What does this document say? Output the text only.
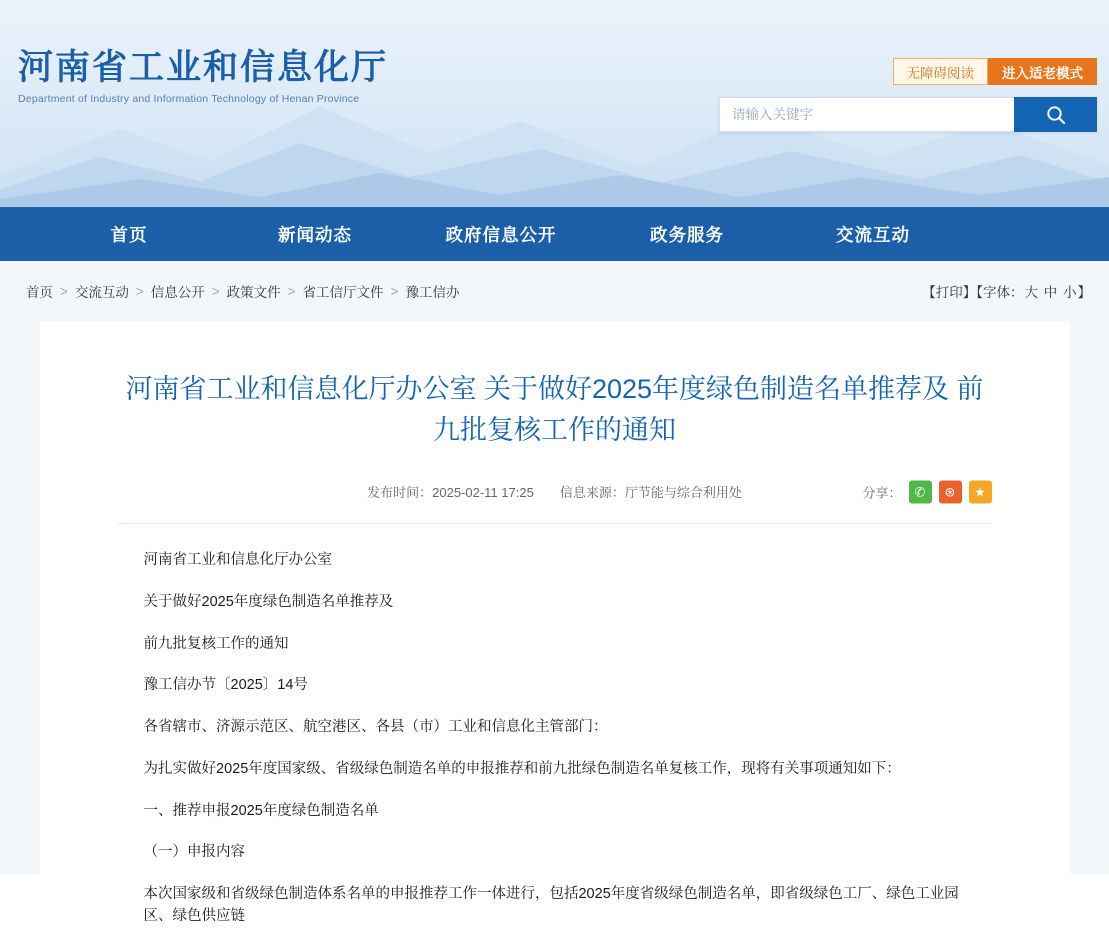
河南省工业和信息化厅
Department of Industry and Information Technology of Henan Province
无障碍阅读	进入适老模式
请输入关键字
首页	新闻动态	政府信息公开	政务服务	交流互动
首页 > 交流互动 > 信息公开 > 政策文件 > 省工信厅文件 > 豫工信办	【打印】【字体：大 中 小】
河南省工业和信息化厅办公室 关于做好2025年度绿色制造名单推荐及 前九批复核工作的通知
发布时间：2025-02-11 17:25 信息来源：厅节能与综合利用处	分享：	✆	⊛	★

河南省工业和信息化厅办公室

关于做好2025年度绿色制造名单推荐及

前九批复核工作的通知

豫工信办节〔2025〕14号

各省辖市、济源示范区、航空港区、各县（市）工业和信息化主管部门：

为扎实做好2025年度国家级、省级绿色制造名单的申报推荐和前九批绿色制造名单复核工作，现将有关事项通知如下：

一、推荐申报2025年度绿色制造名单

（一）申报内容

本次国家级和省级绿色制造体系名单的申报推荐工作一体进行，包括2025年度省级绿色制造名单，即省级绿色工厂、绿色工业园区、绿色供应链
